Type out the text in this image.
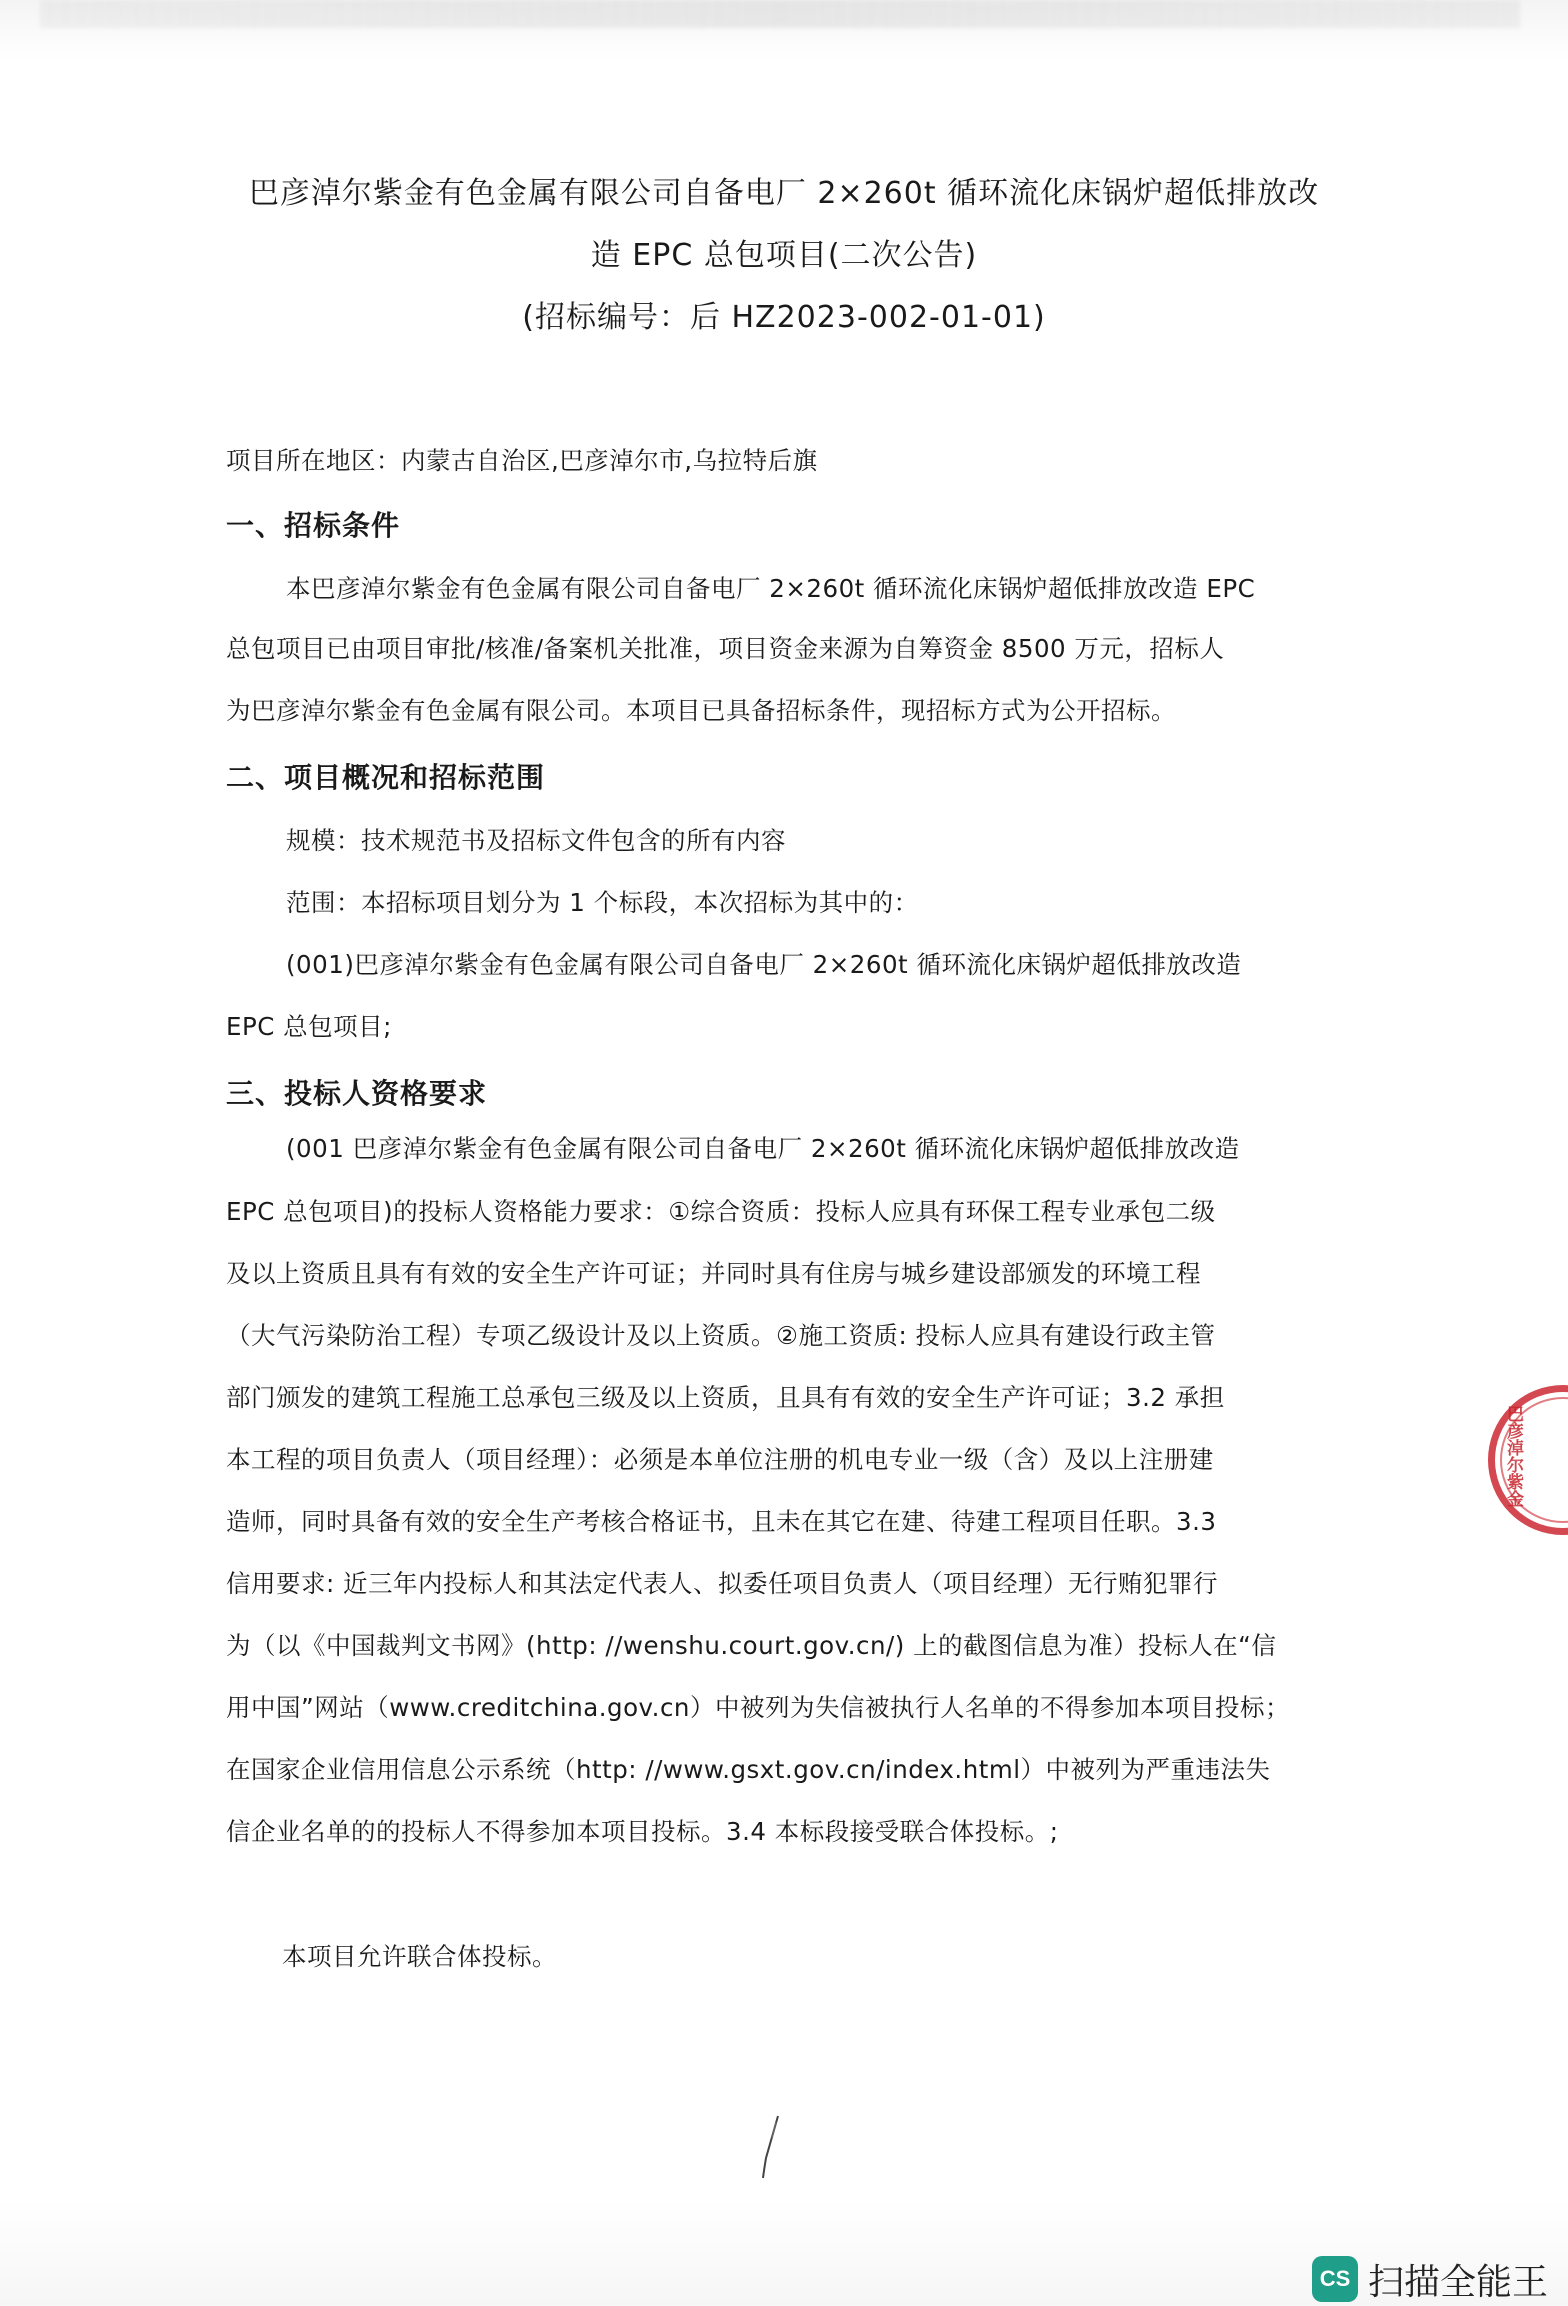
巴彦淖尔紫金有色金属有限公司自备电厂 2×260t 循环流化床锅炉超低排放改
造 EPC 总包项目(二次公告)
(招标编号：后 HZ2023-002-01-01)
项目所在地区：内蒙古自治区,巴彦淖尔市,乌拉特后旗
一、招标条件
本巴彦淖尔紫金有色金属有限公司自备电厂 2×260t 循环流化床锅炉超低排放改造 EPC
总包项目已由项目审批/核准/备案机关批准，项目资金来源为自筹资金 8500 万元，招标人
为巴彦淖尔紫金有色金属有限公司。本项目已具备招标条件，现招标方式为公开招标。
二、项目概况和招标范围
规模：技术规范书及招标文件包含的所有内容
范围：本招标项目划分为 1 个标段，本次招标为其中的：
(001)巴彦淖尔紫金有色金属有限公司自备电厂 2×260t 循环流化床锅炉超低排放改造
EPC 总包项目;
三、投标人资格要求
(001 巴彦淖尔紫金有色金属有限公司自备电厂 2×260t 循环流化床锅炉超低排放改造
EPC 总包项目)的投标人资格能力要求：①综合资质：投标人应具有环保工程专业承包二级
及以上资质且具有有效的安全生产许可证；并同时具有住房与城乡建设部颁发的环境工程
（大气污染防治工程）专项乙级设计及以上资质。②施工资质: 投标人应具有建设行政主管
部门颁发的建筑工程施工总承包三级及以上资质，且具有有效的安全生产许可证；3.2 承担
本工程的项目负责人（项目经理）：必须是本单位注册的机电专业一级（含）及以上注册建
造师，同时具备有效的安全生产考核合格证书，且未在其它在建、待建工程项目任职。3.3
信用要求: 近三年内投标人和其法定代表人、拟委任项目负责人（项目经理）无行贿犯罪行
为（以《中国裁判文书网》(http: //wenshu.court.gov.cn/) 上的截图信息为准）投标人在“信
用中国”网站（www.creditchina.gov.cn）中被列为失信被执行人名单的不得参加本项目投标；
在国家企业信用信息公示系统（http: //www.gsxt.gov.cn/index.html）中被列为严重违法失
信企业名单的的投标人不得参加本项目投标。3.4 本标段接受联合体投标。;
本项目允许联合体投标。
巴彦淖尔紫金
CS 扫描全能王
